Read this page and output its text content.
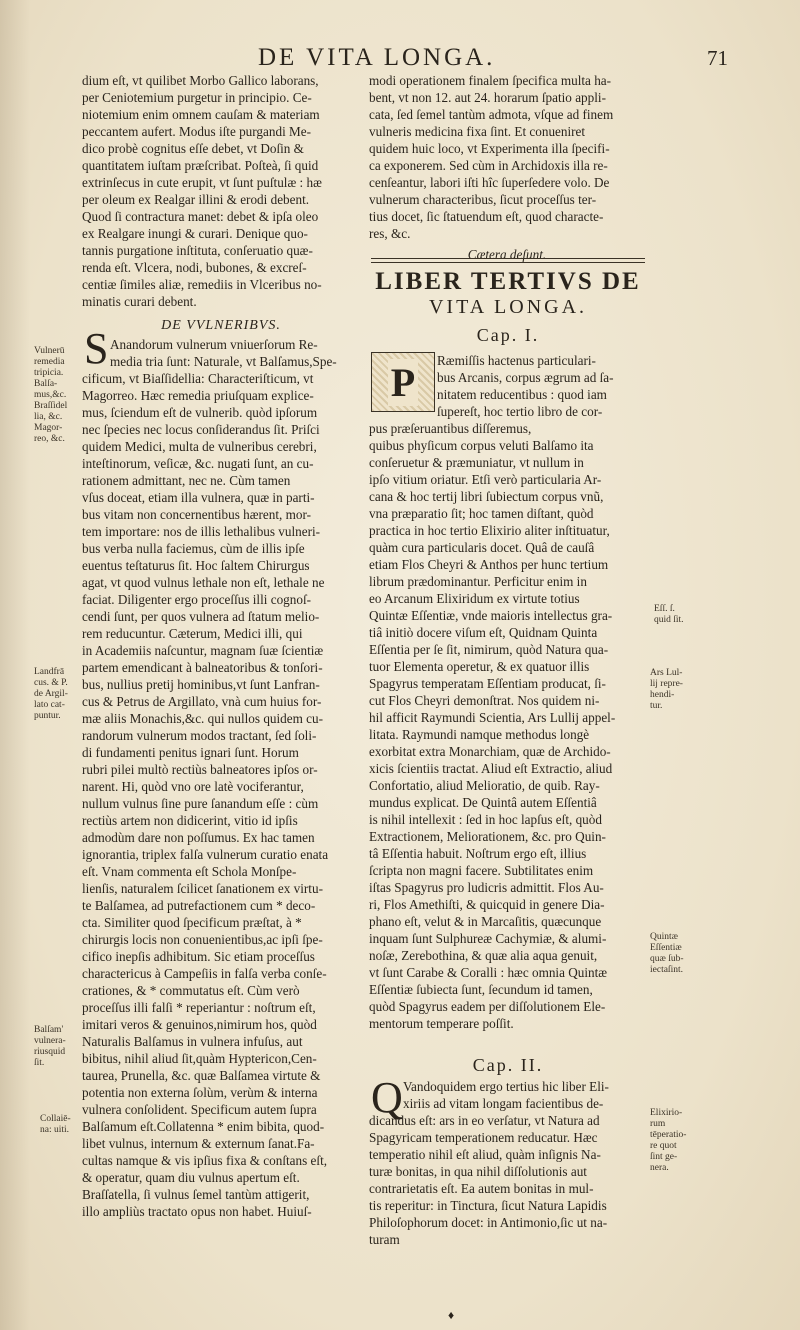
DE VITA LONGA.	71
dium eſt, vt quilibet Morbo Gallico laborans,
per Ceniotemium purgetur in principio. Ce-
niotemium enim omnem cauſam & materiam
peccantem aufert. Modus iſte purgandi Me-
dico probè cognitus eſſe debet, vt Doſin &
quantitatem iuſtam præſcribat. Poſteà, ſi quid
extrinſecus in cute erupit, vt ſunt puſtulæ : hæ
per oleum ex Realgar illini & erodi debent.
Quod ſi contractura manet: debet & ipſa oleo
ex Realgare inungi & curari. Denique quo-
tannis purgatione inſtituta, conſeruatio quæ-
renda eſt. Vlcera, nodi, bubones, & excreſ-
centiæ ſimiles aliæ, remediis in Vlceribus no-
minatis curari debent.
DE VVLNERIBVS.
Anandorum vulnerum vniuerſorum Re-
media tria ſunt: Naturale, vt Balſamus,Spe-
cificum, vt Biaſſidellia: Characteriſticum, vt
Magorreo. Hæc remedia priuſquam explice-
mus, ſciendum eſt de vulnerib. quòd ipſorum
nec ſpecies nec locus conſiderandus ſit. Priſci
quidem Medici, multa de vulneribus cerebri,
inteſtinorum, veſicæ, &c. nugati ſunt, an cu-
rationem admittant, nec ne. Cùm tamen
vſus doceat, etiam illa vulnera, quæ in parti-
bus vitam non concernentibus hærent, mor-
tem importare: nos de illis lethalibus vulneri-
bus verba nulla faciemus, cùm de illis ipſe
euentus teſtaturus ſit. Hoc ſaltem Chirurgus
agat, vt quod vulnus lethale non eſt, lethale ne
faciat. Diligenter ergo proceſſus illi cognoſ-
cendi ſunt, per quos vulnera ad ſtatum melio-
rem reducuntur. Cæterum, Medici illi, qui
in Academiis naſcuntur, magnam ſuæ ſcientiæ
partem emendicant à balneatoribus & tonſori-
bus, nullius pretij hominibus,vt ſunt Lanfran-
cus & Petrus de Argillato, vnà cum huius for-
mæ aliis Monachis,&c. qui nullos quidem cu-
randorum vulnerum modos tractant, ſed ſoli-
di fundamenti penitus ignari ſunt. Horum
rubri pilei multò rectiùs balneatores ipſos or-
narent. Hi, quòd vno ore latè vociferantur,
nullum vulnus ſine pure ſanandum eſſe : cùm
rectiùs artem non didicerint, vitio id ipſis
admodùm dare non poſſumus. Ex hac tamen
ignorantia, triplex falſa vulnerum curatio enata
eſt. Vnam commenta eſt Schola Monſpe-
lienſis, naturalem ſcilicet ſanationem ex virtu-
te Balſamea, ad putrefactionem cum * deco-
cta. Similiter quod ſpecificum præſtat, à *
chirurgis locis non conuenientibus,ac ipſi ſpe-
cifico inepſis adhibitum. Sic etiam proceſſus
charactericus à Campeſiis in falſa verba conſe-
crationes, & * commutatus eſt. Cùm verò
proceſſus illi falſi * reperiantur : noſtrum eſt,
imitari veros & genuinos,nimirum hos, quòd
Naturalis Balſamus in vulnera infuſus, aut
bibitus, nihil aliud ſit,quàm Hyptericon,Cen-
taurea, Prunella, &c. quæ Balſamea virtute &
potentia non externa ſolùm, verùm & interna
vulnera conſolident. Specificum autem ſupra
Balſamum eſt.Collatenna * enim bibita, quod-
libet vulnus, internum & externum ſanat.Fa-
cultas namque & vis ipſius fixa & conſtans eſt,
& operatur, quam diu vulnus apertum eſt.
Braſſatella, ſi vulnus ſemel tantùm attigerit,
illo ampliùs tractato opus non habet. Huiuſ-
S
modi operationem finalem ſpecifica multa ha-
bent, vt non 12. aut 24. horarum ſpatio appli-
cata, ſed ſemel tantùm admota, vſque ad finem
vulneris medicina fixa ſint. Et conueniret
quidem huic loco, vt Experimenta illa ſpecifi-
ca exponerem. Sed cùm in Archidoxis illa re-
cenſeantur, labori iſti hîc ſuperſedere volo. De
vulnerum characteribus, ſicut proceſſus ter-
tius docet, ſic ſtatuendum eſt, quod characte-
res, &c.
Cætera deſunt.
LIBER TERTIVS DE
VITA LONGA.
Cap. I.
P	Ræmiſſis hactenus particulari-
bus Arcanis, corpus ægrum ad ſa-
nitatem reducentibus : quod iam
ſupereſt, hoc tertio libro de cor-
pus præſeruantibus diſſeremus,
quibus phyſicum corpus veluti Balſamo ita
conſeruetur & præmuniatur, vt nullum in
ipſo vitium oriatur. Etſi verò particularia Ar-
cana & hoc tertij libri ſubiectum corpus vnũ,
vna præparatio ſit; hoc tamen diſtant, quòd
practica in hoc tertio Elixirio aliter inſtituatur,
quàm cura particularis docet. Quâ de cauſâ
etiam Flos Cheyri & Anthos per hunc tertium
librum prædominantur. Perficitur enim in
eo Arcanum Elixiridum ex virtute totius
Quintæ Eſſentiæ, vnde maioris intellectus gra-
tiâ initiò docere viſum eſt, Quidnam Quinta
Eſſentia per ſe ſit, nimirum, quòd Natura qua-
tuor Elementa operetur, & ex quatuor illis
Spagyrus temperatam Eſſentiam producat, ſi-
cut Flos Cheyri demonſtrat. Nos quidem ni-
hil afficit Raymundi Scientia, Ars Lullij appel-
litata. Raymundi namque methodus longè
exorbitat extra Monarchiam, quæ de Archido-
xicis ſcientiis tractat. Aliud eſt Extractio, aliud
Confortatio, aliud Melioratio, de quib. Ray-
mundus explicat. De Quintâ autem Eſſentiâ
is nihil intellexit : ſed in hoc lapſus eſt, quòd
Extractionem, Meliorationem, &c. pro Quin-
tâ Eſſentia habuit. Noſtrum ergo eſt, illius
ſcripta non magni facere. Subtilitates enim
iſtas Spagyrus pro ludicris admittit. Flos Au-
ri, Flos Amethiſti, & quicquid in genere Dia-
phano eſt, velut & in Marcaſitis, quæcunque
inquam ſunt Sulphureæ Cachymiæ, & alumi-
noſæ, Zerebothina, & quæ alia aqua genuit,
vt ſunt Carabe & Coralli : hæc omnia Quintæ
Eſſentiæ ſubiecta ſunt, ſecundum id tamen,
quòd Spagyrus eadem per diſſolutionem Ele-
mentorum temperare poſſit.
Cap. II.
Q Vandoquidem ergo tertius hic liber Eli-
xiriis ad vitam longam facientibus de-
dicandus eſt: ars in eo verſatur, vt Natura ad
Spagyricam temperationem reducatur. Hæc
temperatio nihil eſt aliud, quàm inſignis Na-
turæ bonitas, in qua nihil diſſolutionis aut
contrarietatis eſt. Ea autem bonitas in mul-
tis reperitur: in Tinctura, ſicut Natura Lapidis
Philoſophorum docet: in Antimonio,ſic ut na-
turam
Vulnerū
remedia
tripicia.
Balſa-
mus,&c.
Braſſidel
lia, &c.
Magor-
reo, &c.
Landfrā
cus. & P.
de Argil-
lato cat-
puntur.
Balſam'
vulnera-
riusquid
ſit.
Collaiē-
na: uiti.
Eſſ. ſ.
quid ſit.
Ars Lul-
lij repre-
hendi-
tur.
Quintæ
Eſſentiæ
quæ ſub-
iectaſint.
Elixirio-
rum
tēperatio-
re quot
ſint ge-
nera.
♦
